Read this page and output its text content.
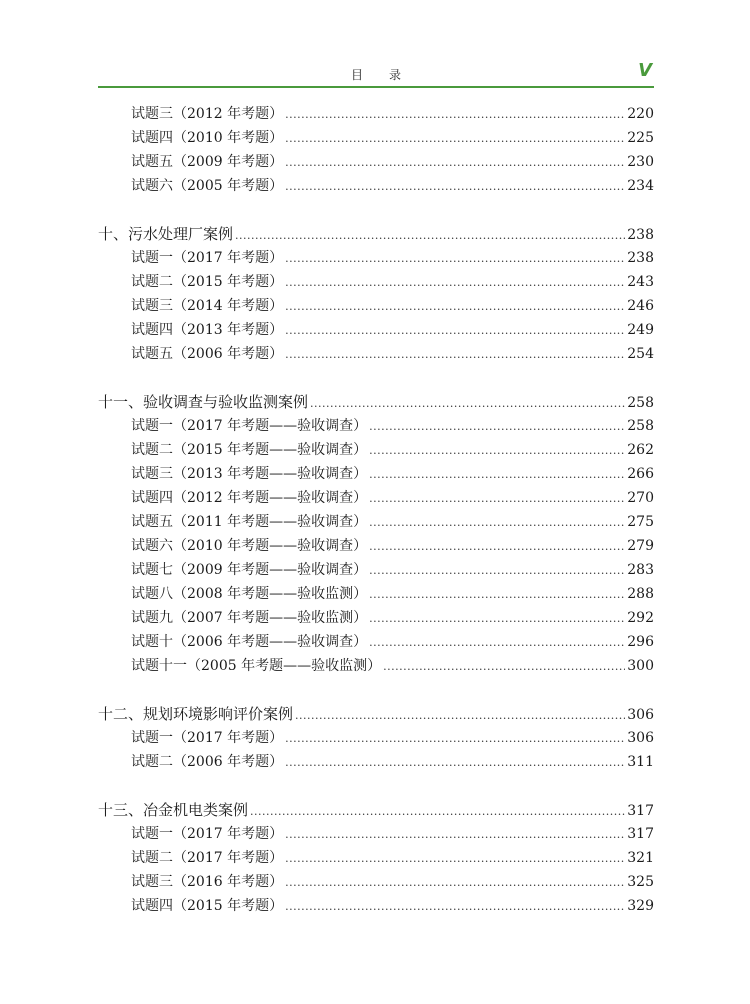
目录	V
试题三（2012 年考题） .....	220
试题四（2010 年考题） .....	225
试题五（2009 年考题） .....	230
试题六（2005 年考题） .....	234
十、污水处理厂案例 .....	238
试题一（2017 年考题） .....	238
试题二（2015 年考题） .....	243
试题三（2014 年考题） .....	246
试题四（2013 年考题） .....	249
试题五（2006 年考题） .....	254
十一、验收调查与验收监测案例 .....	258
试题一（2017 年考题——验收调查） .....	258
试题二（2015 年考题——验收调查） .....	262
试题三（2013 年考题——验收调查） .....	266
试题四（2012 年考题——验收调查） .....	270
试题五（2011 年考题——验收调查） .....	275
试题六（2010 年考题——验收调查） .....	279
试题七（2009 年考题——验收调查） .....	283
试题八（2008 年考题——验收监测） .....	288
试题九（2007 年考题——验收监测） .....	292
试题十（2006 年考题——验收调查） .....	296
试题十一（2005 年考题——验收监测） .....	300
十二、规划环境影响评价案例 .....	306
试题一（2017 年考题） .....	306
试题二（2006 年考题） .....	311
十三、冶金机电类案例 .....	317
试题一（2017 年考题） .....	317
试题二（2017 年考题） .....	321
试题三（2016 年考题） .....	325
试题四（2015 年考题） .....	329
